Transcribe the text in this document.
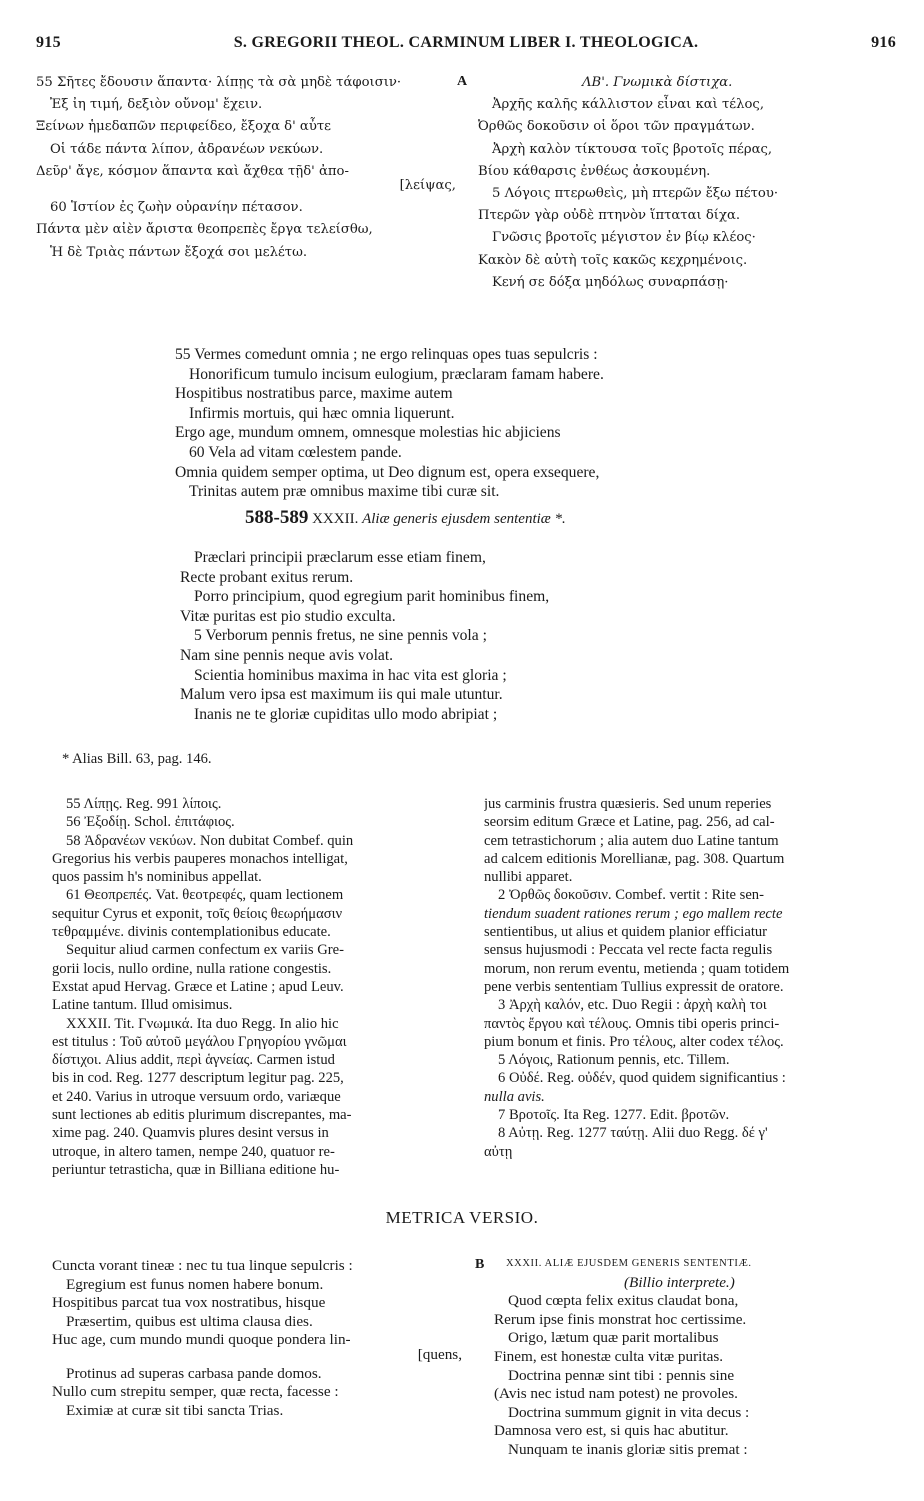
915	S. GREGORII THEOL. CARMINUM LIBER I. THEOLOGICA.	916
55 Σῆτες ἔδουσιν ἅπαντα· λίπῃς τὰ σὰ μηδὲ τάφοισιν·
Ἐξ ἰη τιμή, δεξιὸν οὔνομ' ἔχειν.
Ξείνων ἡμεδαπῶν περιφείδεο, ἔξοχα δ' αὖτε
Οἱ τάδε πάντα λίπον, ἀδρανέων νεκύων.
Δεῦρ' ἄγε, κόσμον ἅπαντα καὶ ἄχθεα τῇδ' ἀπο-
[λείψας,
60 Ἱστίον ἐς ζωὴν οὐρανίην πέτασον.
Πάντα μὲν αἰὲν ἄριστα θεοπρεπὲς ἔργα τελείσθω,
Ἡ δὲ Τριὰς πάντων ἔξοχά σοι μελέτω.
A	ΛΒ'. Γνωμικὰ δίστιχα.
Ἀρχῆς καλῆς κάλλιστον εἶναι καὶ τέλος,
Ὀρθῶς δοκοῦσιν οἱ ὅροι τῶν πραγμάτων.
Ἀρχὴ καλὸν τίκτουσα τοῖς βροτοῖς πέρας,
Βίου κάθαρσις ἐνθέως ἀσκουμένη.
5 Λόγοις πτερωθεὶς, μὴ πτερῶν ἔξω πέτου·
Πτερῶν γὰρ οὐδὲ πτηνὸν ἵπταται δίχα.
Γνῶσις βροτοῖς μέγιστον ἐν βίῳ κλέος·
Κακὸν δὲ αὐτὴ τοῖς κακῶς κεχρημένοις.
Κενή σε δόξα μηδόλως συναρπάσῃ·
55 Vermes comedunt omnia ; ne ergo relinquas opes tuas sepulcris :
Honorificum tumulo incisum eulogium, præclaram famam habere.
Hospitibus nostratibus parce, maxime autem
Infirmis mortuis, qui hæc omnia liquerunt.
Ergo age, mundum omnem, omnesque molestias hic abjiciens
60 Vela ad vitam cœlestem pande.
Omnia quidem semper optima, ut Deo dignum est, opera exsequere,
Trinitas autem præ omnibus maxime tibi curæ sit.
588-589 XXXII. Aliæ generis ejusdem sententiæ *.
Præclari principii præclarum esse etiam finem,
Recte probant exitus rerum.
Porro principium, quod egregium parit hominibus finem,
Vitæ puritas est pio studio exculta.
5 Verborum pennis fretus, ne sine pennis vola ;
Nam sine pennis neque avis volat.
Scientia hominibus maxima in hac vita est gloria ;
Malum vero ipsa est maximum iis qui male utuntur.
Inanis ne te gloriæ cupiditas ullo modo abripiat ;
* Alias Bill. 63, pag. 146.
55 Λίπῃς. Reg. 991 λίποις.
56 Ἐξοδίῃ. Schol. ἐπιτάφιος.
58 Ἀδρανέων νεκύων. Non dubitat Combef. quin
Gregorius his verbis pauperes monachos intelligat,
quos passim h's nominibus appellat.
61 Θεοπρεπές. Vat. θεοτρεφές, quam lectionem
sequitur Cyrus et exponit, τοῖς θείοις θεωρήμασιν
τεθραμμένε. divinis contemplationibus educate.
Sequitur aliud carmen confectum ex variis Gre-
gorii locis, nullo ordine, nulla ratione congestis.
Exstat apud Hervag. Græce et Latine ; apud Leuv.
Latine tantum. Illud omisimus.
XXXII. Tit. Γνωμικά. Ita duo Regg. In alio hic
est titulus : Τοῦ αὐτοῦ μεγάλου Γρηγορίου γνῶμαι
δίστιχοι. Alius addit, περὶ ἁγνείας. Carmen istud
bis in cod. Reg. 1277 descriptum legitur pag. 225,
et 240. Varius in utroque versuum ordo, variæque
sunt lectiones ab editis plurimum discrepantes, ma-
xime pag. 240. Quamvis plures desint versus in
utroque, in altero tamen, nempe 240, quatuor re-
periuntur tetrasticha, quæ in Billiana editione hu-
jus carminis frustra quæsieris. Sed unum reperies
seorsim editum Græce et Latine, pag. 256, ad cal-
cem tetrastichorum ; alia autem duo Latine tantum
ad calcem editionis Morellianæ, pag. 308. Quartum
nullibi apparet.
2 Ὀρθῶς δοκοῦσιν. Combef. vertit : Rite sen-
tiendum suadent rationes rerum ; ego mallem recte
sentientibus, ut alius et quidem planior efficiatur
sensus hujusmodi : Peccata vel recte facta regulis
morum, non rerum eventu, metienda ; quam totidem
pene verbis sententiam Tullius expressit de oratore.
3 Ἀρχὴ καλόν, etc. Duo Regii : ἀρχὴ καλὴ τοι
παντὸς ἔργου καὶ τέλους. Omnis tibi operis princi-
pium bonum et finis. Pro τέλους, alter codex τέλος.
5 Λόγοις, Rationum pennis, etc. Tillem.
6 Οὐδέ. Reg. οὐδέν, quod quidem significantius :
nulla avis.
7 Βροτοῖς. Ita Reg. 1277. Edit. βροτῶν.
8 Αὐτῃ. Reg. 1277 ταύτῃ. Alii duo Regg. δέ γ'
αὐτῃ
METRICA VERSIO.
Cuncta vorant tineæ : nec tu tua linque sepulcris :
Egregium est funus nomen habere bonum.
Hospitibus parcat tua vox nostratibus, hisque
Præsertim, quibus est ultima clausa dies.
Huc age, cum mundo mundi quoque pondera lin-
[quens,
Protinus ad superas carbasa pande domos.
Nullo cum strepitu semper, quæ recta, facesse :
Eximiæ at curæ sit tibi sancta Trias.
B	XXXII. ALIÆ EJUSDEM GENERIS SENTENTIÆ.
(Billio interprete.)
Quod cœpta felix exitus claudat bona,
Rerum ipse finis monstrat hoc certissime.
Origo, lætum quæ parit mortalibus
Finem, est honestæ culta vitæ puritas.
Doctrina pennæ sint tibi : pennis sine
(Avis nec istud nam potest) ne provoles.
Doctrina summum gignit in vita decus :
Damnosa vero est, si quis hac abutitur.
Nunquam te inanis gloriæ sitis premat :
